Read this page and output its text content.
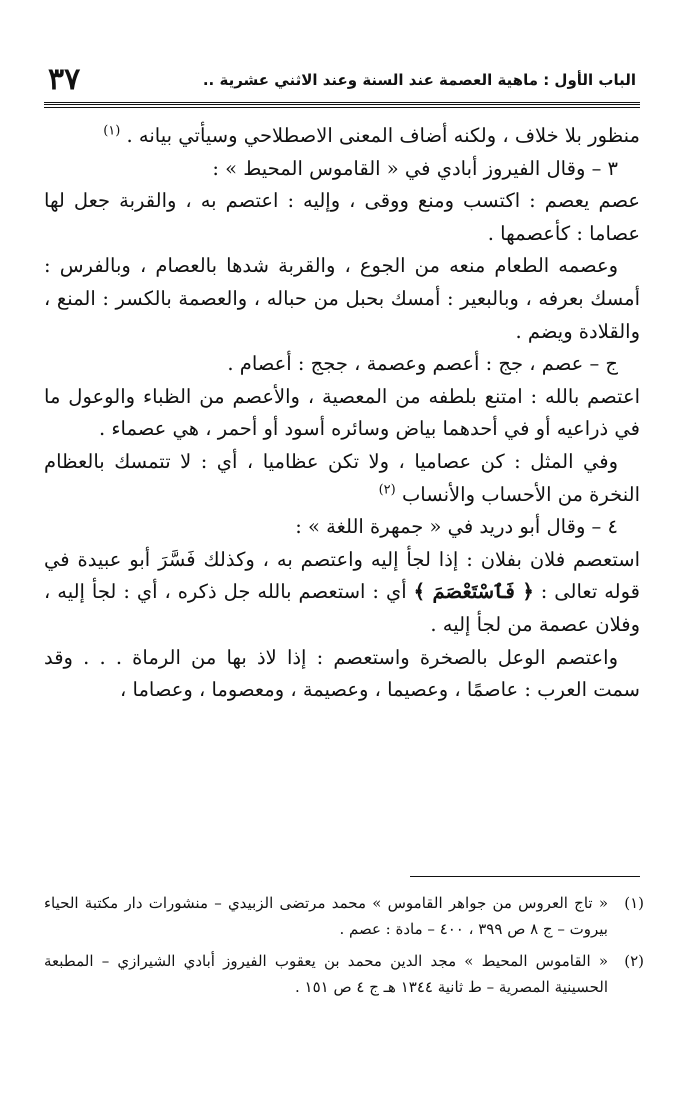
٣٧	الباب الأول : ماهية العصمة عند السنة وعند الاثني عشرية ..

منظور بلا خلاف ، ولكنه أضاف المعنى الاصطلاحي وسيأتي بيانه . $^{(١)}$

٣ – وقال الفيروز أبادي في « القاموس المحيط » :

عصم يعصم : اكتسب ومنع ووقى ، وإليه : اعتصم به ، والقربة جعل لها عصاما : كأعصمها .

وعصمه الطعام منعه من الجوع ، والقربة شدها بالعصام ، وبالفرس : أمسك بعرفه ، وبالبعير : أمسك بحبل من حباله ، والعصمة بالكسر : المنع ، والقلادة ويضم .

ج – عصم ، جج : أعصم وعصمة ، ججج : أعصام .

اعتصم بالله : امتنع بلطفه من المعصية ، والأعصم من الظباء والوعول ما في ذراعيه أو في أحدهما بياض وسائره أسود أو أحمر ، هي عصماء .

وفي المثل : كن عصاميا ، ولا تكن عظاميا ، أي : لا تتمسك بالعظام النخرة من الأحساب والأنساب $^{(٢)}$

٤ – وقال أبو دريد في « جمهرة اللغة » :

استعصم فلان بفلان : إذا لجأ إليه واعتصم به ، وكذلك فَسَّرَ أبو عبيدة في قوله تعالى : ﴿ فَٱسْتَعْصَمَ ﴾ أي : استعصم بالله جل ذكره ، أي : لجأ إليه ، وفلان عصمة من لجأ إليه .

واعتصم الوعل بالصخرة واستعصم : إذا لاذ بها من الرماة . . . وقد سمت العرب : عاصمًا ، وعصيما ، وعصيمة ، ومعصوما ، وعصاما ،

(١)
« تاج العروس من جواهر القاموس » محمد مرتضى الزبيدي – منشورات دار مكتبة الحياء بيروت – ج ٨ ص ٣٩٩ ، ٤٠٠ – مادة : عصم .
(٢)
« القاموس المحيط » مجد الدين محمد بن يعقوب الفيروز أبادي الشيرازي – المطبعة الحسينية المصرية – ط ثانية ١٣٤٤ هـ ج ٤ ص ١٥١ .
